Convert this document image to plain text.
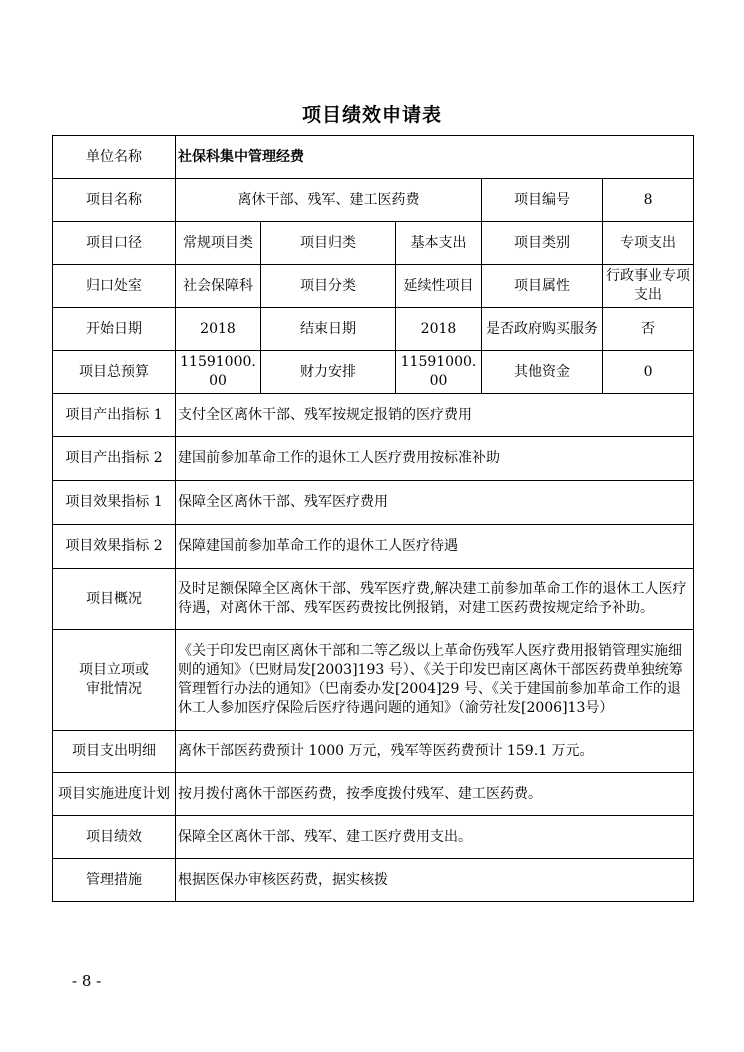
项目绩效申请表
单位名称	社保科集中管理经费				
项目名称	离休干部、残军、建工医药费			项目编号	8
项目口径	常规项目类	项目归类	基本支出	项目类别	专项支出
归口处室	社会保障科	项目分类	延续性项目	项目属性	行政事业专项支出
开始日期	2018	结束日期	2018	是否政府购买服务	否
项目总预算	11591000. 00	财力安排	11591000.00	其他资金	0
项目产出指标 1	支付全区离休干部、残军按规定报销的医疗费用				
项目产出指标 2	建国前参加革命工作的退休工人医疗费用按标准补助				
项目效果指标 1	保障全区离休干部、残军医疗费用				
项目效果指标 2	保障建国前参加革命工作的退休工人医疗待遇				
项目概况	及时足额保障全区离休干部、残军医疗费,解决建工前参加革命工作的退休工人医疗待遇，对离休干部、残军医药费按比例报销，对建工医药费按规定给予补助。				
项目立项或审批情况	《关于印发巴南区离休干部和二等乙级以上革命伤残军人医疗费用报销管理实施细则的通知》（巴财局发[2003]193 号）、《关于印发巴南区离休干部医药费单独统筹管理暂行办法的通知》（巴南委办发[2004]29 号、《关于建国前参加革命工作的退休工人参加医疗保险后医疗待遇问题的通知》（渝劳社发[2006]13号）				
项目支出明细	离休干部医药费预计 1000 万元，残军等医药费预计 159.1 万元。				
项目实施进度计划	按月拨付离休干部医药费，按季度拨付残军、建工医药费。				
项目绩效	保障全区离休干部、残军、建工医疗费用支出。				
管理措施	根据医保办审核医药费，据实核拨				
- 8 -
